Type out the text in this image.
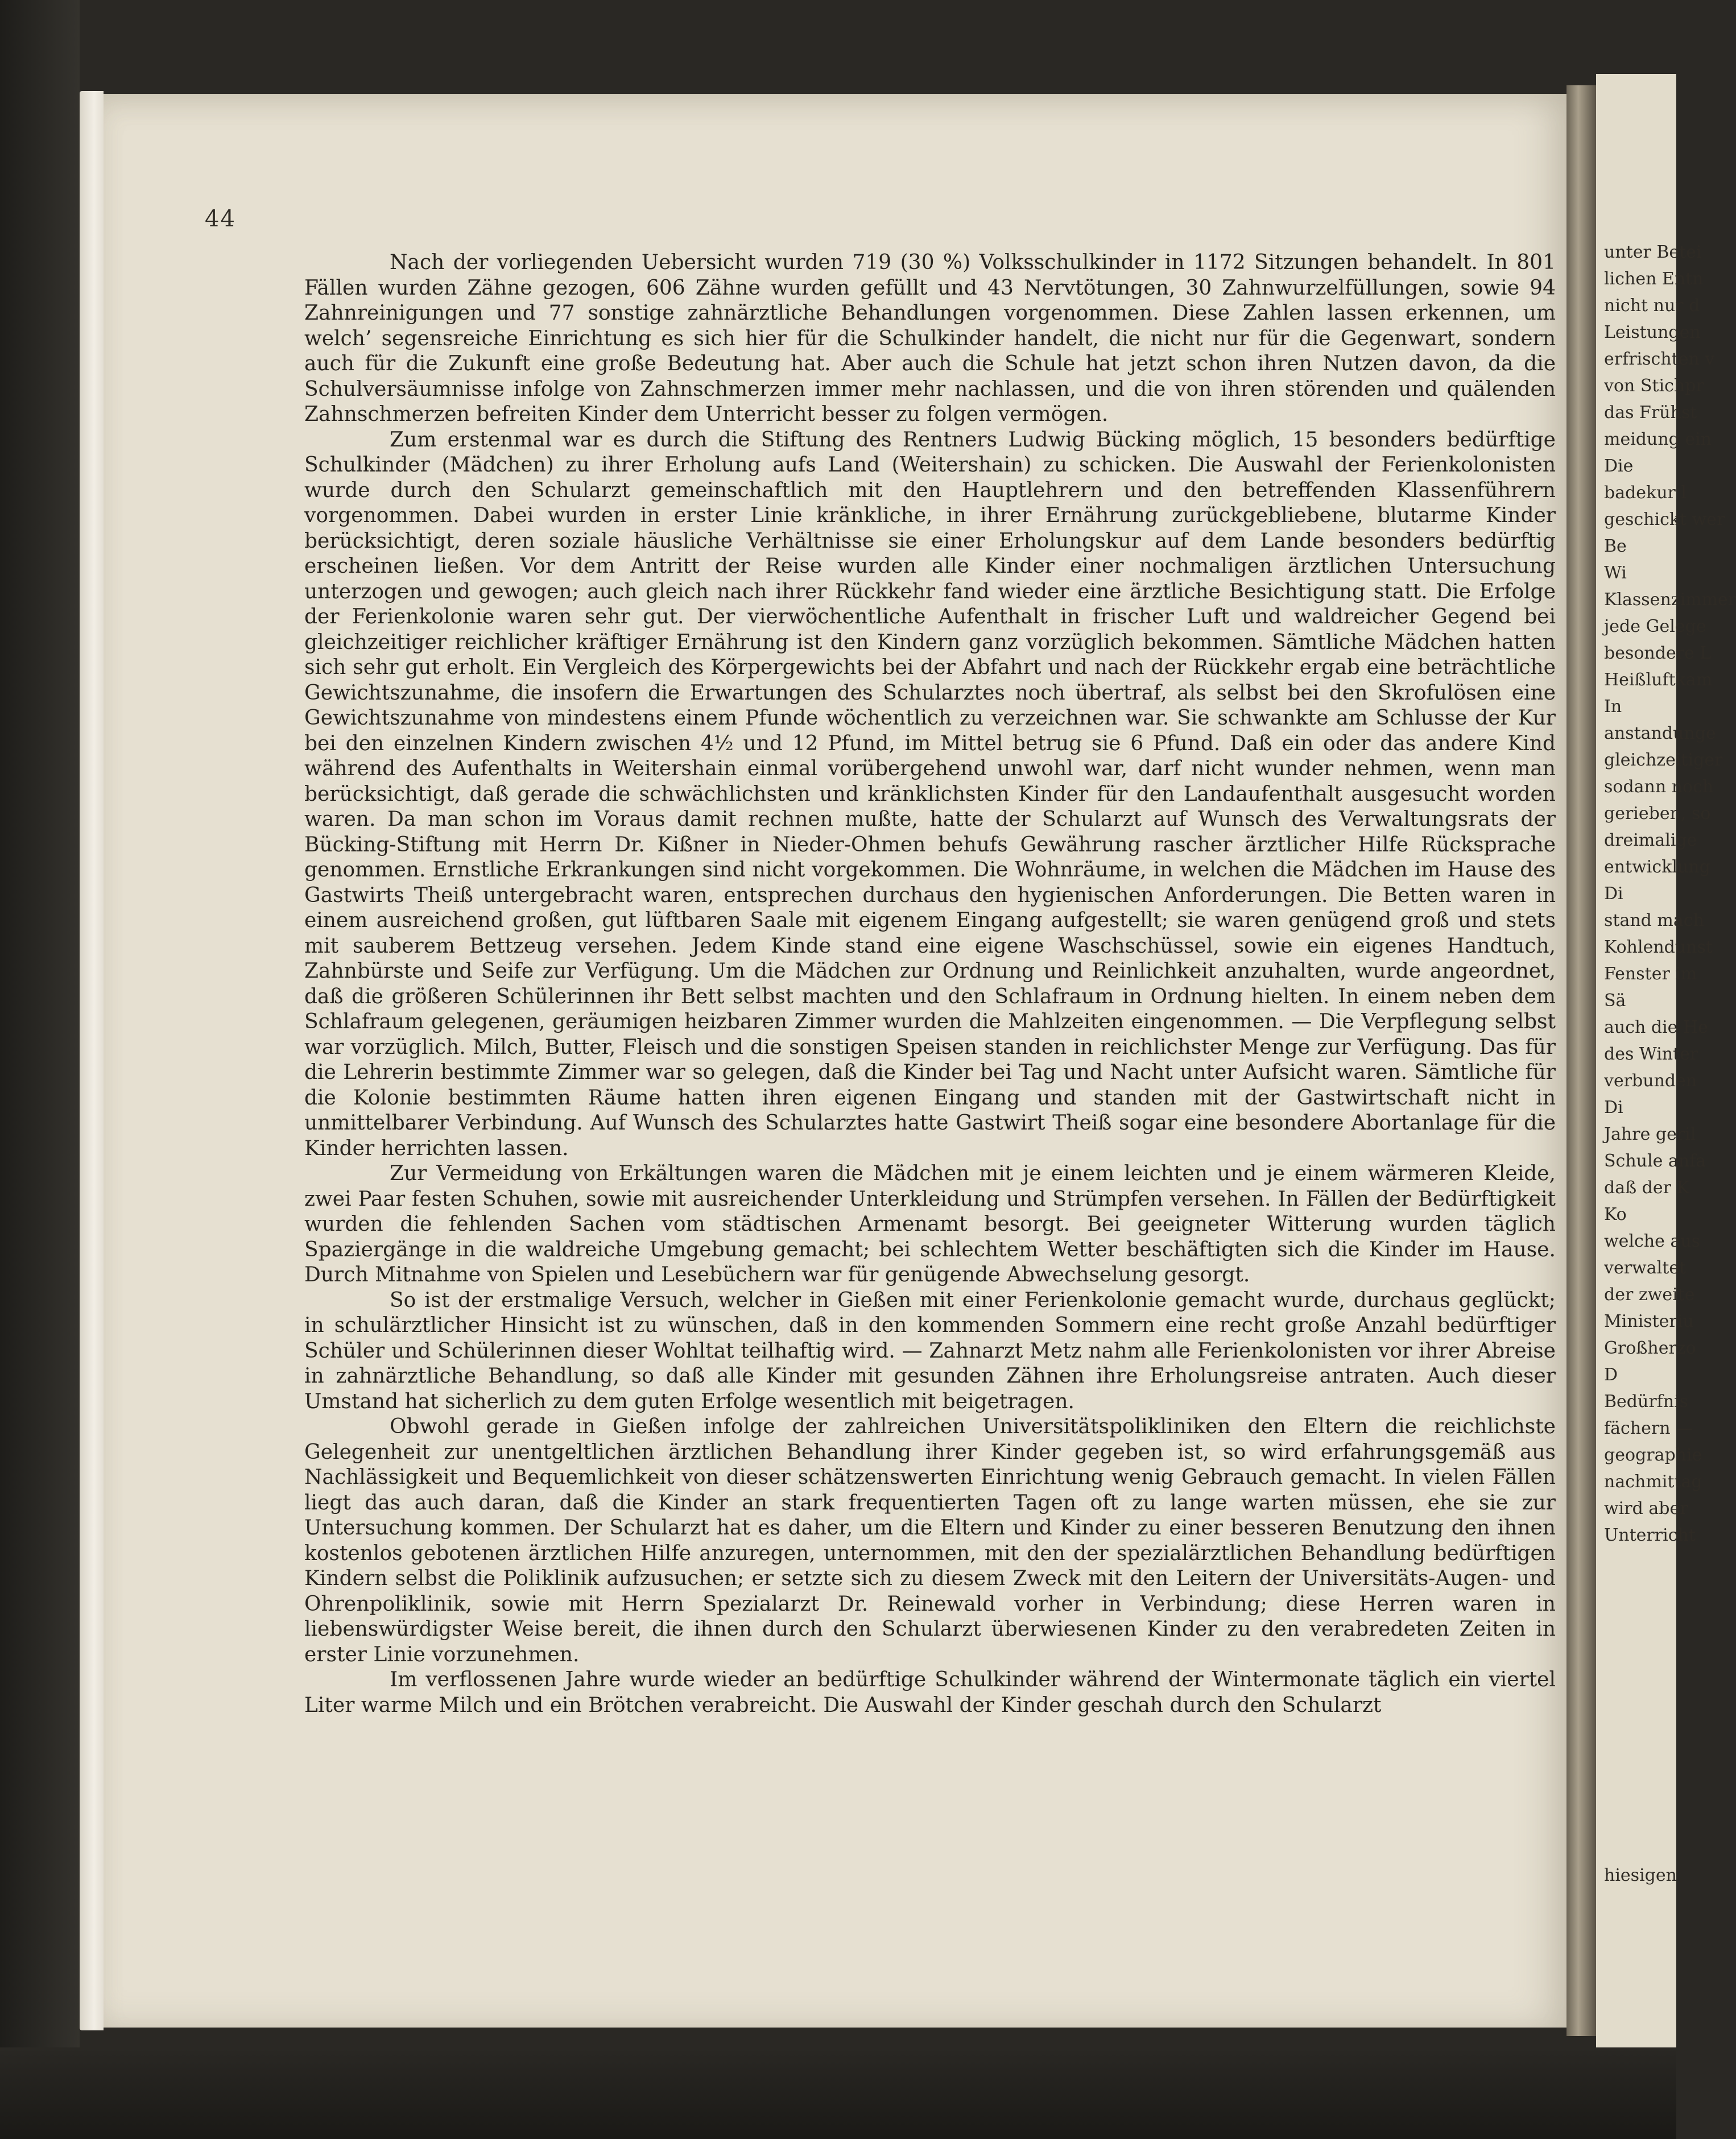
44

Nach der vorliegenden Uebersicht wurden 719 (30 %) Volksschulkinder in 1172 Sitzungen behandelt. In 801 Fällen wurden Zähne gezogen, 606 Zähne wurden gefüllt und 43 Nervtötungen, 30 Zahnwurzelfüllungen, sowie 94 Zahnreinigungen und 77 sonstige zahnärztliche Behandlungen vorgenommen. Diese Zahlen lassen erkennen, um welch’ segensreiche Einrichtung es sich hier für die Schulkinder handelt, die nicht nur für die Gegenwart, sondern auch für die Zukunft eine große Bedeutung hat. Aber auch die Schule hat jetzt schon ihren Nutzen davon, da die Schulversäumnisse infolge von Zahnschmerzen immer mehr nachlassen, und die von ihren störenden und quälenden Zahnschmerzen befreiten Kinder dem Unterricht besser zu folgen vermögen.

Zum erstenmal war es durch die Stiftung des Rentners Ludwig Bücking möglich, 15 besonders bedürftige Schulkinder (Mädchen) zu ihrer Erholung aufs Land (Weitershain) zu schicken. Die Auswahl der Ferienkolonisten wurde durch den Schularzt gemeinschaftlich mit den Hauptlehrern und den betreffenden Klassenführern vorgenommen. Dabei wurden in erster Linie kränkliche, in ihrer Ernährung zurückgebliebene, blutarme Kinder berücksichtigt, deren soziale häusliche Verhältnisse sie einer Erholungskur auf dem Lande besonders bedürftig erscheinen ließen. Vor dem Antritt der Reise wurden alle Kinder einer nochmaligen ärztlichen Untersuchung unterzogen und gewogen; auch gleich nach ihrer Rückkehr fand wieder eine ärztliche Besichtigung statt. Die Erfolge der Ferienkolonie waren sehr gut. Der vierwöchentliche Aufenthalt in frischer Luft und waldreicher Gegend bei gleichzeitiger reichlicher kräftiger Ernährung ist den Kindern ganz vorzüglich bekommen. Sämtliche Mädchen hatten sich sehr gut erholt. Ein Vergleich des Körpergewichts bei der Abfahrt und nach der Rückkehr ergab eine beträchtliche Gewichtszunahme, die insofern die Erwartungen des Schularztes noch übertraf, als selbst bei den Skrofulösen eine Gewichtszunahme von mindestens einem Pfunde wöchentlich zu verzeichnen war. Sie schwankte am Schlusse der Kur bei den einzelnen Kindern zwischen 4½ und 12 Pfund, im Mittel betrug sie 6 Pfund. Daß ein oder das andere Kind während des Aufenthalts in Weitershain einmal vorübergehend unwohl war, darf nicht wunder nehmen, wenn man berücksichtigt, daß gerade die schwächlichsten und kränklichsten Kinder für den Landaufenthalt ausgesucht worden waren. Da man schon im Voraus damit rechnen mußte, hatte der Schularzt auf Wunsch des Verwaltungsrats der Bücking-Stiftung mit Herrn Dr. Kißner in Nieder-Ohmen behufs Gewährung rascher ärztlicher Hilfe Rücksprache genommen. Ernstliche Erkrankungen sind nicht vorgekommen. Die Wohnräume, in welchen die Mädchen im Hause des Gastwirts Theiß untergebracht waren, entsprechen durchaus den hygienischen Anforderungen. Die Betten waren in einem ausreichend großen, gut lüftbaren Saale mit eigenem Eingang aufgestellt; sie waren genügend groß und stets mit sauberem Bettzeug versehen. Jedem Kinde stand eine eigene Waschschüssel, sowie ein eigenes Handtuch, Zahnbürste und Seife zur Verfügung. Um die Mädchen zur Ordnung und Reinlichkeit anzuhalten, wurde angeordnet, daß die größeren Schülerinnen ihr Bett selbst machten und den Schlafraum in Ordnung hielten. In einem neben dem Schlafraum gelegenen, geräumigen heizbaren Zimmer wurden die Mahlzeiten eingenommen. — Die Verpflegung selbst war vorzüglich. Milch, Butter, Fleisch und die sonstigen Speisen standen in reichlichster Menge zur Verfügung. Das für die Lehrerin bestimmte Zimmer war so gelegen, daß die Kinder bei Tag und Nacht unter Aufsicht waren. Sämtliche für die Kolonie bestimmten Räume hatten ihren eigenen Eingang und standen mit der Gastwirtschaft nicht in unmittelbarer Verbindung. Auf Wunsch des Schularztes hatte Gastwirt Theiß sogar eine besondere Abortanlage für die Kinder herrichten lassen.

Zur Vermeidung von Erkältungen waren die Mädchen mit je einem leichten und je einem wärmeren Kleide, zwei Paar festen Schuhen, sowie mit ausreichender Unterkleidung und Strümpfen versehen. In Fällen der Bedürftigkeit wurden die fehlenden Sachen vom städtischen Armenamt besorgt. Bei geeigneter Witterung wurden täglich Spaziergänge in die waldreiche Umgebung gemacht; bei schlechtem Wetter beschäftigten sich die Kinder im Hause. Durch Mitnahme von Spielen und Lesebüchern war für genügende Abwechselung gesorgt.

So ist der erstmalige Versuch, welcher in Gießen mit einer Ferienkolonie gemacht wurde, durchaus geglückt; in schulärztlicher Hinsicht ist zu wünschen, daß in den kommenden Sommern eine recht große Anzahl bedürftiger Schüler und Schülerinnen dieser Wohltat teilhaftig wird. — Zahnarzt Metz nahm alle Ferienkolonisten vor ihrer Abreise in zahnärztliche Behandlung, so daß alle Kinder mit gesunden Zähnen ihre Erholungsreise antraten. Auch dieser Umstand hat sicherlich zu dem guten Erfolge wesentlich mit beigetragen.

Obwohl gerade in Gießen infolge der zahlreichen Universitätspolikliniken den Eltern die reichlichste Gelegenheit zur unentgeltlichen ärztlichen Behandlung ihrer Kinder gegeben ist, so wird erfahrungsgemäß aus Nachlässigkeit und Bequemlichkeit von dieser schätzenswerten Einrichtung wenig Gebrauch gemacht. In vielen Fällen liegt das auch daran, daß die Kinder an stark frequentierten Tagen oft zu lange warten müssen, ehe sie zur Untersuchung kommen. Der Schularzt hat es daher, um die Eltern und Kinder zu einer besseren Benutzung den ihnen kostenlos gebotenen ärztlichen Hilfe anzuregen, unternommen, mit den der spezialärztlichen Behandlung bedürftigen Kindern selbst die Poliklinik aufzusuchen; er setzte sich zu diesem Zweck mit den Leitern der Universitäts-Augen- und Ohrenpoliklinik, sowie mit Herrn Spezialarzt Dr. Reinewald vorher in Verbindung; diese Herren waren in liebenswürdigster Weise bereit, die ihnen durch den Schularzt überwiesenen Kinder zu den verabredeten Zeiten in erster Linie vorzunehmen.

Im verflossenen Jahre wurde wieder an bedürftige Schulkinder während der Wintermonate täglich ein viertel Liter warme Milch und ein Brötchen verabreicht. Die Auswahl der Kinder geschah durch den Schularzt

unter Betei
lichen Entn
nicht nur d
Leistungen
erfrischten v
von Stichpr
das Frühst
meidung ein
Die
badekur l
geschickt wer
Be
Wi
Klassenzimmer
jede Gelege
besondere L
Heißluftkam
In
anstandunge
gleichzeitiger
sodann noch
gerieben, so
dreimalige
entwicklung
Di
stand mach
Kohlendunst
Fenster im
Sä
auch die He
des Winter
verbunden
Di
Jahre geril
Schule anfa
daß der K
Ko
welche aus
verwaltet
der zweite
Ministeriu
Großherzo
D
Bedürfnis
fächern —
geographie
nachmittag
wird aber
Unterricht
hiesigen
